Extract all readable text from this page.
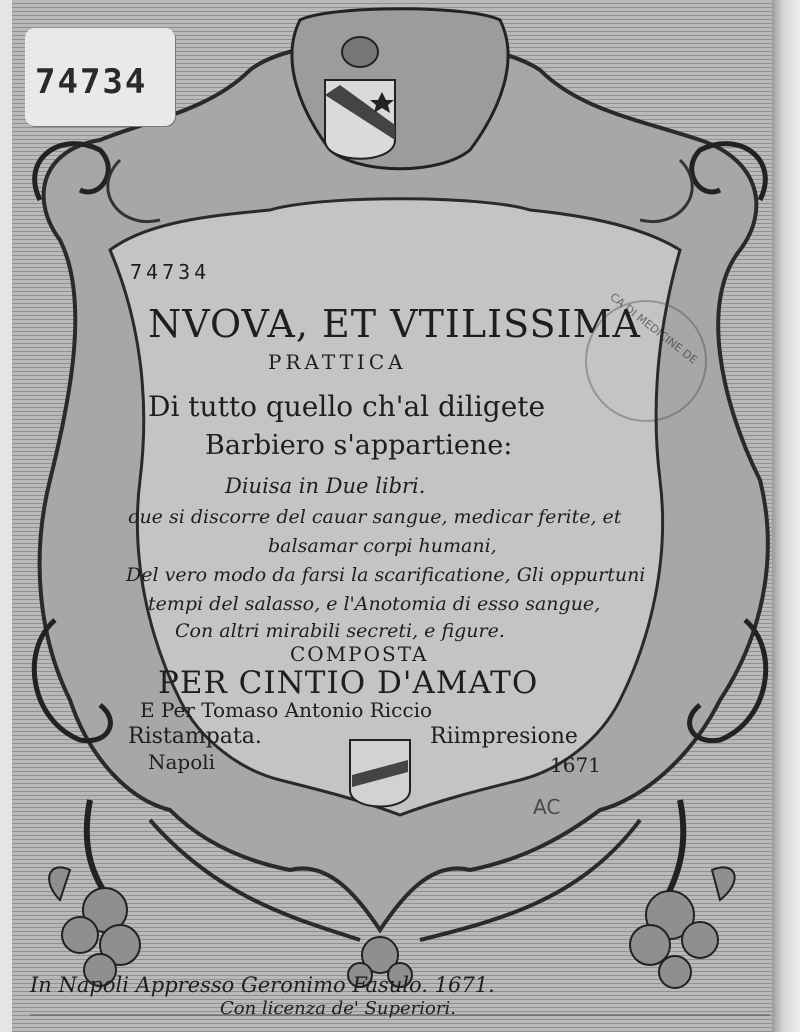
74734
CA DI MEDICINE DE
74734
NVOVA, ET VTILISSIMA
PRATTICA
Di tutto quello ch'al diligete
Barbiero s'appartiene:
Diuisa in Due libri.
oue si discorre del cauar sangue, medicar ferite, et
balsamar corpi humani,
Del vero modo da farsi la scarificatione, Gli oppurtuni
tempi del salasso, e l'Anotomia di esso sangue,
Con altri mirabili secreti, e figure.
COMPOSTA
PER CINTIO D'AMATO
E Per Tomaso Antonio Riccio
Ristampata.	Riimpresione
Napoli	1671
AC
In Napoli Appresso Geronimo Fasulo. 1671.
Con licenza de' Superiori.
